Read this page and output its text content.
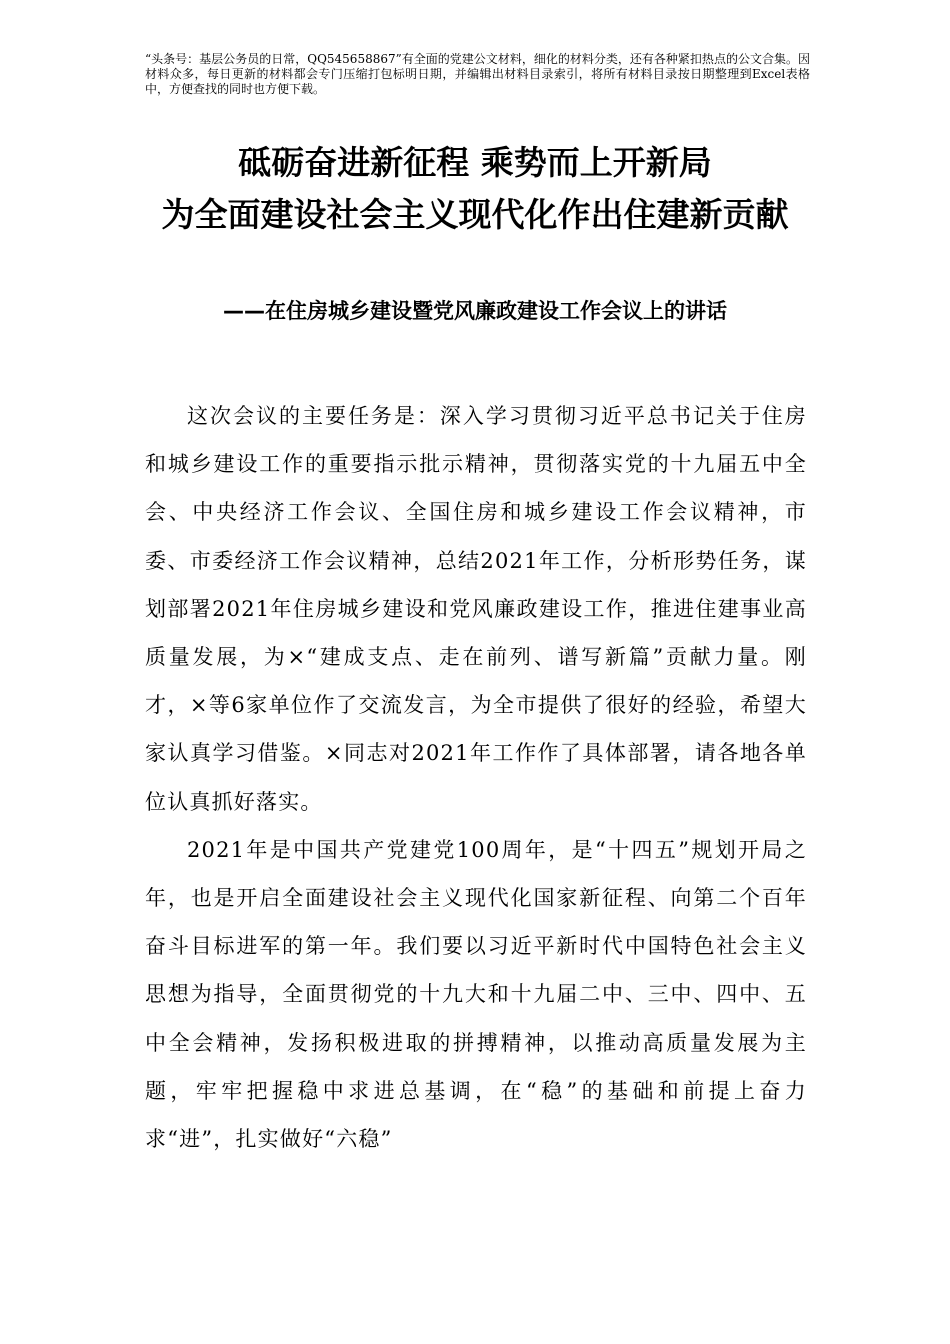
“头条号：基层公务员的日常，QQ545658867”有全面的党建公文材料，细化的材料分类，还有各种紧扣热点的公文合集。因材料众多，每日更新的材料都会专门压缩打包标明日期，并编辑出材料目录索引，将所有材料目录按日期整理到Excel表格中，方便查找的同时也方便下载。
砥砺奋进新征程 乘势而上开新局
为全面建设社会主义现代化作出住建新贡献
——在住房城乡建设暨党风廉政建设工作会议上的讲话

这次会议的主要任务是：深入学习贯彻习近平总书记关于住房和城乡建设工作的重要指示批示精神，贯彻落实党的十九届五中全会、中央经济工作会议、全国住房和城乡建设工作会议精神，市委、市委经济工作会议精神，总结2021年工作，分析形势任务，谋划部署2021年住房城乡建设和党风廉政建设工作，推进住建事业高质量发展，为×“建成支点、走在前列、谱写新篇”贡献力量。刚才，×等6家单位作了交流发言，为全市提供了很好的经验，希望大家认真学习借鉴。×同志对2021年工作作了具体部署，请各地各单位认真抓好落实。

2021年是中国共产党建党100周年，是“十四五”规划开局之年，也是开启全面建设社会主义现代化国家新征程、向第二个百年奋斗目标进军的第一年。我们要以习近平新时代中国特色社会主义思想为指导，全面贯彻党的十九大和十九届二中、三中、四中、五中全会精神，发扬积极进取的拼搏精神，以推动高质量发展为主题，牢牢把握稳中求进总基调，在“稳”的基础和前提上奋力求“进”，扎实做好“六稳”
